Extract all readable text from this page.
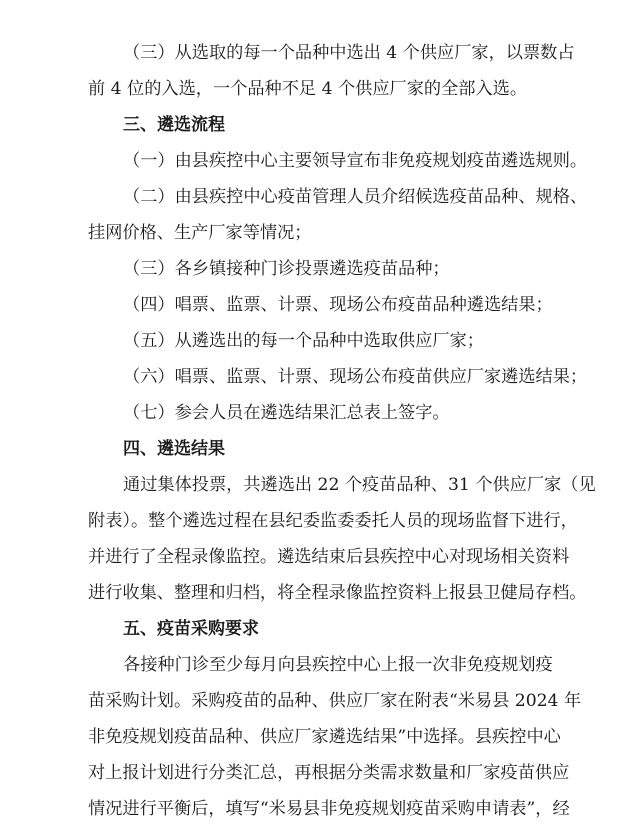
（三）从选取的每一个品种中选出 4 个供应厂家，以票数占
前 4 位的入选，一个品种不足 4 个供应厂家的全部入选。
三、遴选流程
（一）由县疾控中心主要领导宣布非免疫规划疫苗遴选规则。
（二）由县疾控中心疫苗管理人员介绍候选疫苗品种、规格、
挂网价格、生产厂家等情况；
（三）各乡镇接种门诊投票遴选疫苗品种；
（四）唱票、监票、计票、现场公布疫苗品种遴选结果；
（五）从遴选出的每一个品种中选取供应厂家；
（六）唱票、监票、计票、现场公布疫苗供应厂家遴选结果；
（七）参会人员在遴选结果汇总表上签字。
四、遴选结果
通过集体投票，共遴选出 22 个疫苗品种、31 个供应厂家（见
附表）。整个遴选过程在县纪委监委委托人员的现场监督下进行，
并进行了全程录像监控。遴选结束后县疾控中心对现场相关资料
进行收集、整理和归档，将全程录像监控资料上报县卫健局存档。
五、疫苗采购要求
各接种门诊至少每月向县疾控中心上报一次非免疫规划疫
苗采购计划。采购疫苗的品种、供应厂家在附表“米易县 2024 年
非免疫规划疫苗品种、供应厂家遴选结果”中选择。县疾控中心
对上报计划进行分类汇总，再根据分类需求数量和厂家疫苗供应
情况进行平衡后，填写“米易县非免疫规划疫苗采购申请表”，经
